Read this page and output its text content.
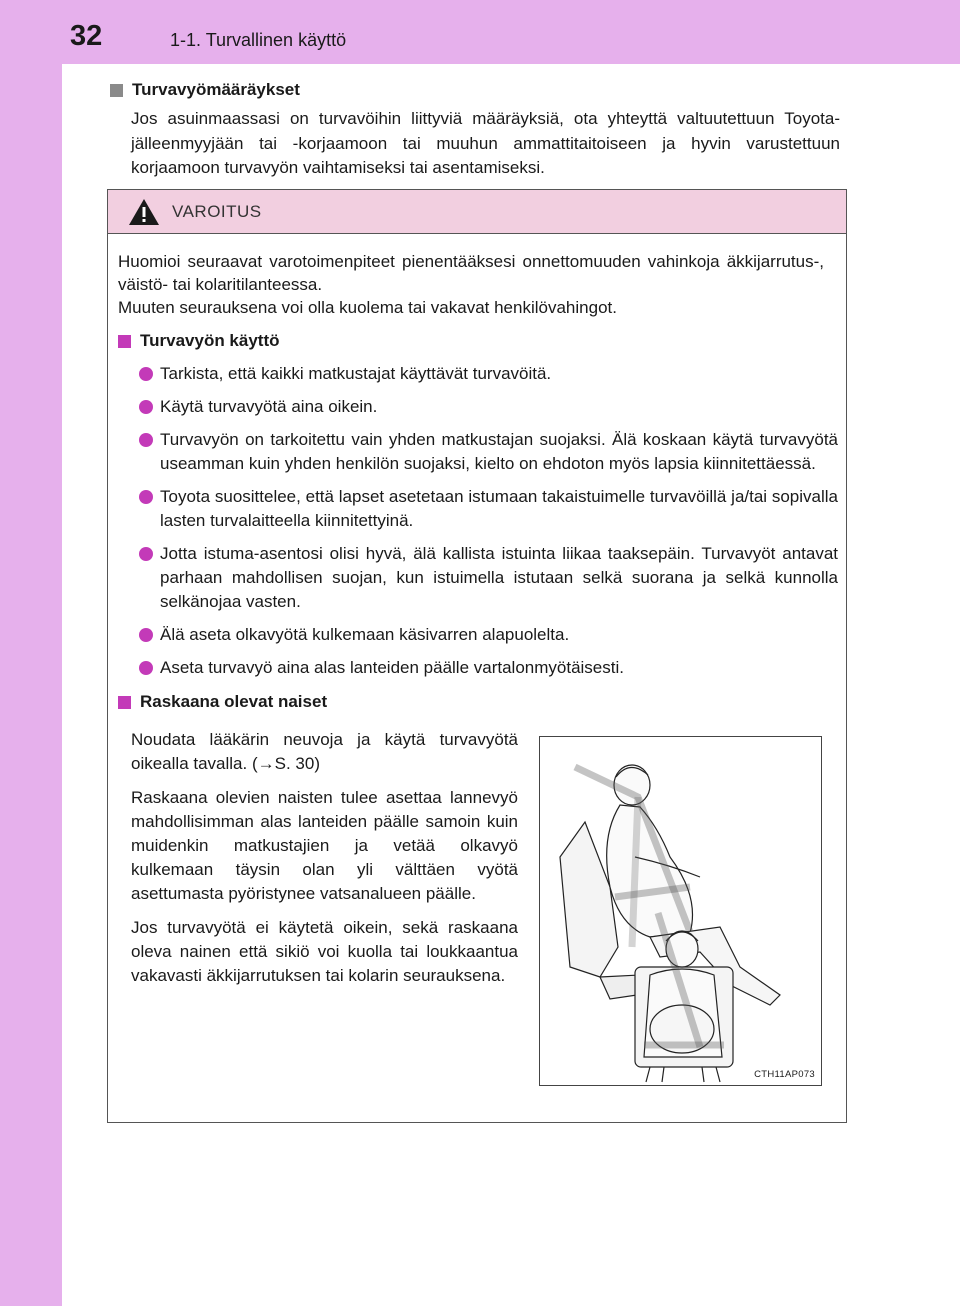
32	1-1. Turvallinen käyttö
Turvavyömääräykset

Jos asuinmaassasi on turvavöihin liittyviä määräyksiä, ota yhteyttä valtuutettuun Toyota-jälleenmyyjään tai -korjaamoon tai muuhun ammattitaitoiseen ja hyvin varustettuun korjaamoon turvavyön vaihtamiseksi tai asentamiseksi.

VAROITUS

Huomioi seuraavat varotoimenpiteet pienentääksesi onnettomuuden vahinkoja äkkijarrutus-, väistö- tai kolaritilanteessa.
Muuten seurauksena voi olla kuolema tai vakavat henkilövahingot.

Turvavyön käyttö
Tarkista, että kaikki matkustajat käyttävät turvavöitä.
Käytä turvavyötä aina oikein.
Turvavyön on tarkoitettu vain yhden matkustajan suojaksi. Älä koskaan käytä turvavyötä useamman kuin yhden henkilön suojaksi, kielto on ehdoton myös lapsia kiinnitettäessä.
Toyota suosittelee, että lapset asetetaan istumaan takaistuimelle turvavöillä ja/tai sopivalla lasten turvalaitteella kiinnitettyinä.
Jotta istuma-asentosi olisi hyvä, älä kallista istuinta liikaa taaksepäin. Turvavyöt antavat parhaan mahdollisen suojan, kun istuimella istutaan selkä suorana ja selkä kunnolla selkänojaa vasten.
Älä aseta olkavyötä kulkemaan käsivarren alapuolelta.
Aseta turvavyö aina alas lanteiden päälle vartalonmyötäisesti.
Raskaana olevat naiset

Noudata lääkärin neuvoja ja käytä turvavyötä oikealla tavalla. (→S. 30)

Raskaana olevien naisten tulee asettaa lannevyö mahdollisimman alas lanteiden päälle samoin kuin muidenkin matkustajien ja vetää olkavyö kulkemaan täysin olan yli välttäen vyötä asettumasta pyöristynee vatsanalueen päälle.

Jos turvavyötä ei käytetä oikein, sekä raskaana oleva nainen että sikiö voi kuolla tai loukkaantua vakavasti äkkijarrutuksen tai kolarin seurauksena.

CTH11AP073
